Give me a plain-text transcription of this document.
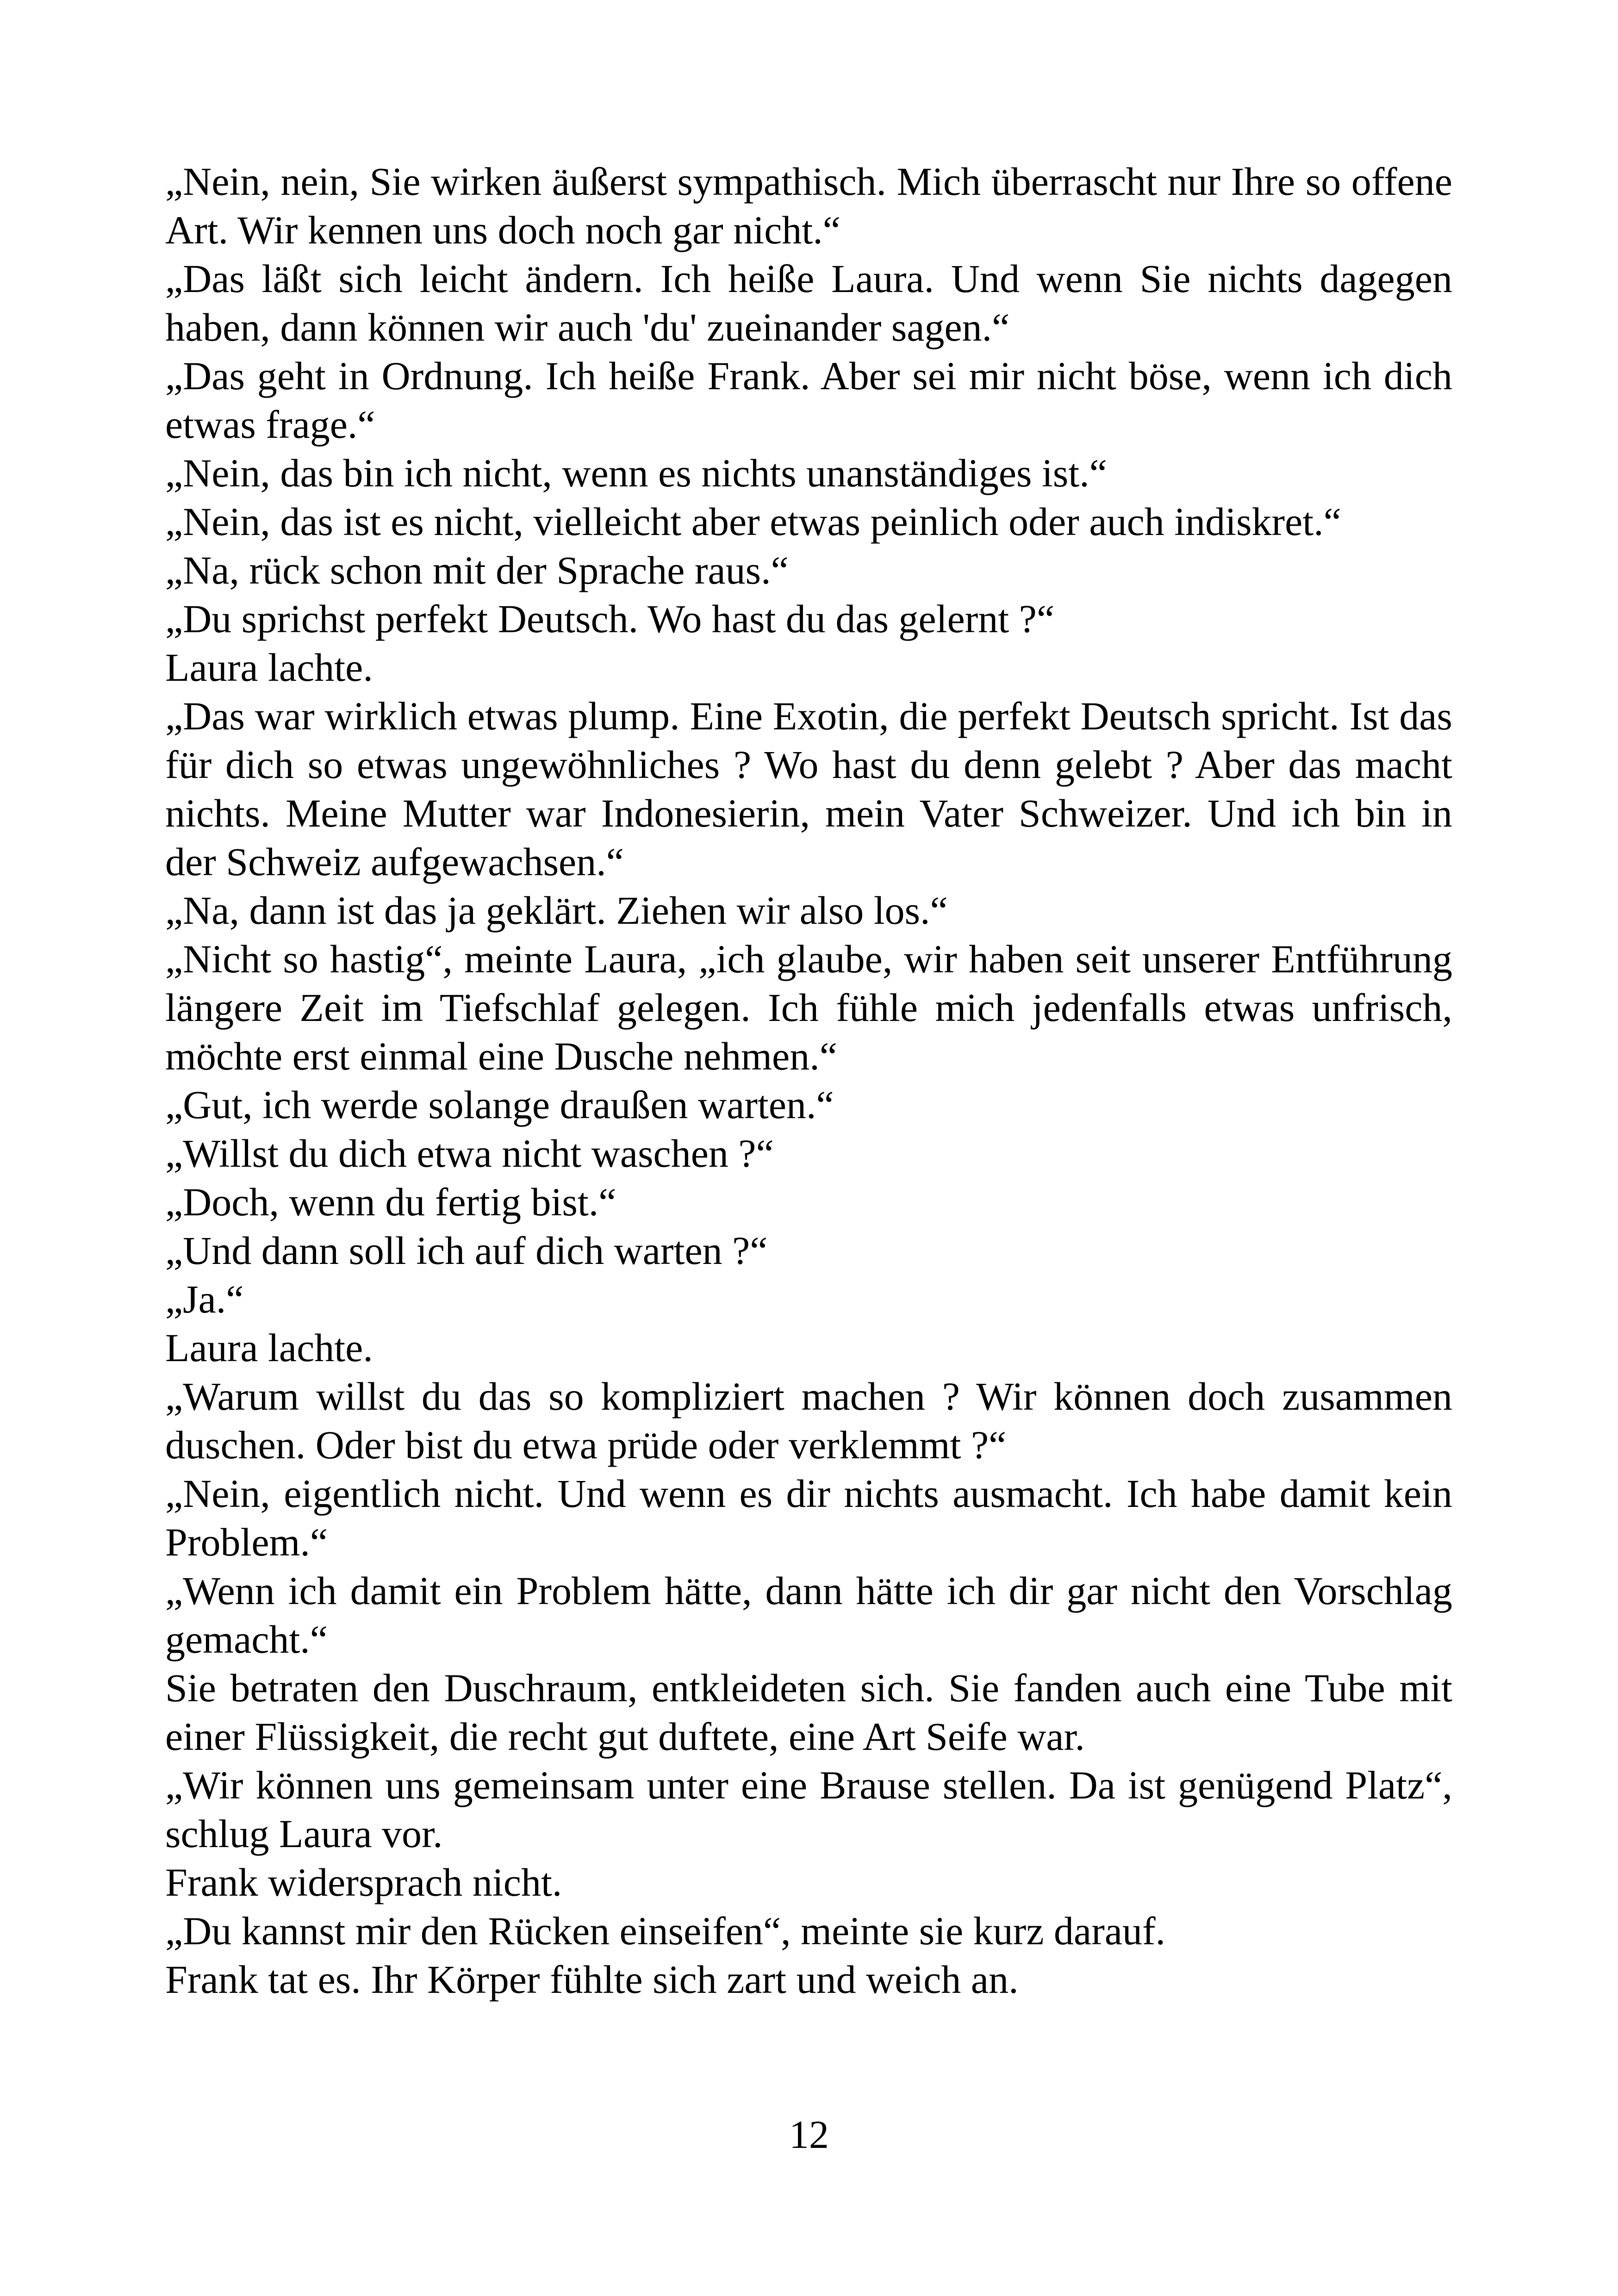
„Nein, nein, Sie wirken äußerst sympathisch. Mich überrascht nur Ihre so offene Art. Wir kennen uns doch noch gar nicht.“

„Das läßt sich leicht ändern. Ich heiße Laura. Und wenn Sie nichts dagegen haben, dann können wir auch 'du' zueinander sagen.“

„Das geht in Ordnung. Ich heiße Frank. Aber sei mir nicht böse, wenn ich dich etwas frage.“

„Nein, das bin ich nicht, wenn es nichts unanständiges ist.“

„Nein, das ist es nicht, vielleicht aber etwas peinlich oder auch indiskret.“

„Na, rück schon mit der Sprache raus.“

„Du sprichst perfekt Deutsch. Wo hast du das gelernt ?“

Laura lachte.

„Das war wirklich etwas plump. Eine Exotin, die perfekt Deutsch spricht. Ist das für dich so etwas ungewöhnliches ? Wo hast du denn gelebt ? Aber das macht nichts. Meine Mutter war Indonesierin, mein Vater Schweizer. Und ich bin in der Schweiz aufgewachsen.“

„Na, dann ist das ja geklärt. Ziehen wir also los.“

„Nicht so hastig“, meinte Laura, „ich glaube, wir haben seit unserer Entführung längere Zeit im Tiefschlaf gelegen. Ich fühle mich jedenfalls etwas unfrisch, möchte erst einmal eine Dusche nehmen.“

„Gut, ich werde solange draußen warten.“

„Willst du dich etwa nicht waschen ?“

„Doch, wenn du fertig bist.“

„Und dann soll ich auf dich warten ?“

„Ja.“

Laura lachte.

„Warum willst du das so kompliziert machen ? Wir können doch zusammen duschen. Oder bist du etwa prüde oder verklemmt ?“

„Nein, eigentlich nicht. Und wenn es dir nichts ausmacht. Ich habe damit kein Problem.“

„Wenn ich damit ein Problem hätte, dann hätte ich dir gar nicht den Vorschlag gemacht.“

Sie betraten den Duschraum, entkleideten sich. Sie fanden auch eine Tube mit einer Flüssigkeit, die recht gut duftete, eine Art Seife war.

„Wir können uns gemeinsam unter eine Brause stellen. Da ist genügend Platz“, schlug Laura vor.

Frank widersprach nicht.

„Du kannst mir den Rücken einseifen“, meinte sie kurz darauf.

Frank tat es. Ihr Körper fühlte sich zart und weich an.

12
